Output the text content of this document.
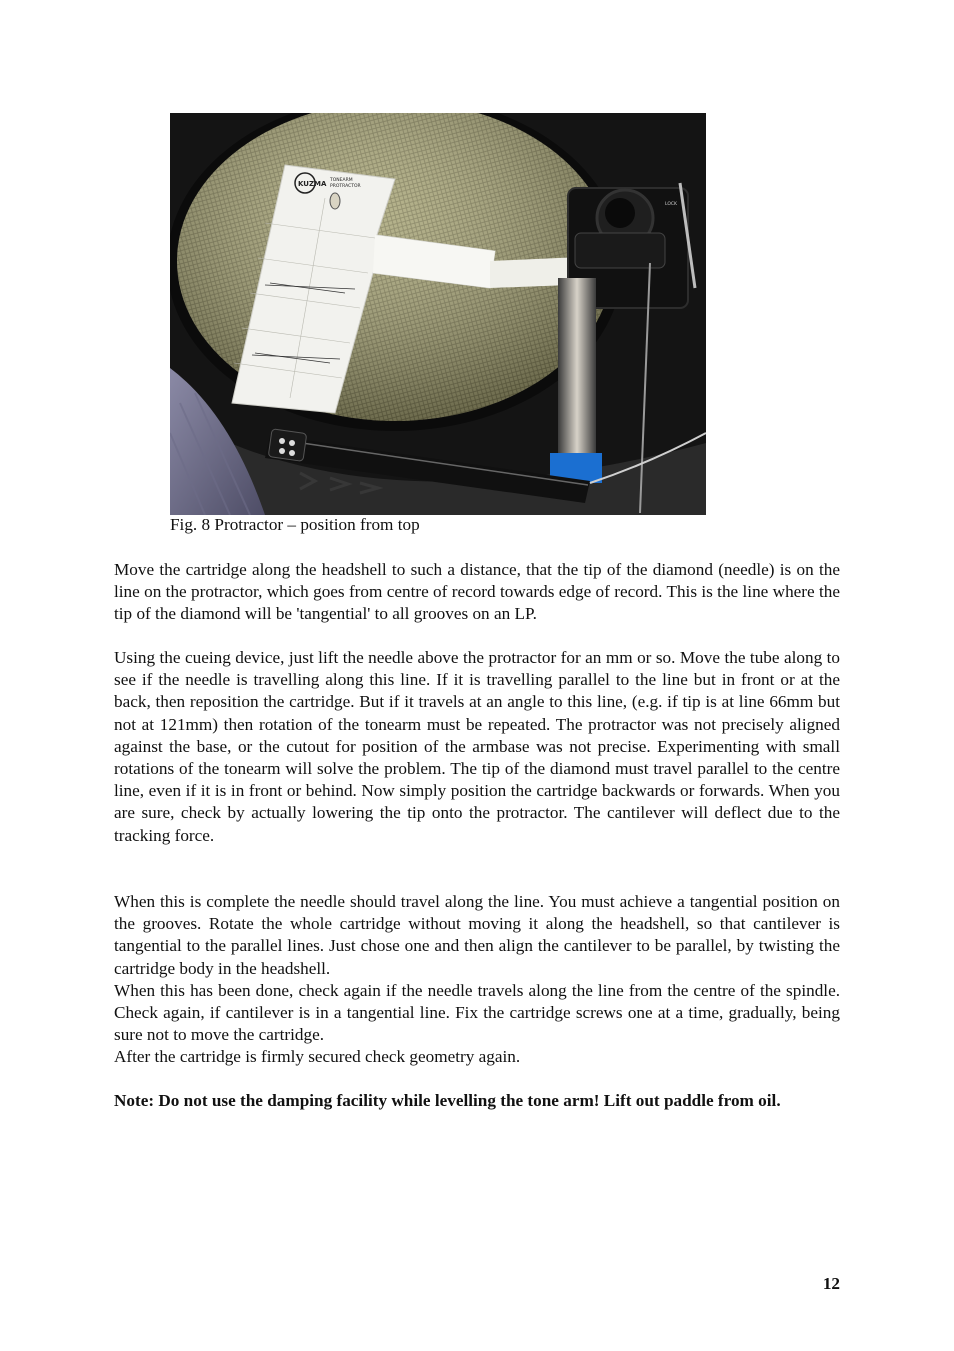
KUZMA TONEARM
PROTRACTOR
LOCK
Fig. 8 Protractor – position from top

Move the cartridge along the headshell to such a distance, that the tip of the diamond (needle) is on the line on the protractor, which goes from centre of record towards edge of record. This is the line where the tip of the diamond will be 'tangential' to all grooves on an LP.

Using the cueing device, just lift the needle above the protractor for an mm or so. Move the tube along to see if the needle is travelling along this line. If it is travelling parallel to the line but in front or at the back, then reposition the cartridge. But if it travels at an angle to this line, (e.g. if tip is at line 66mm but not at 121mm) then rotation of the tonearm must be repeated. The protractor was not precisely aligned against the base, or the cutout for position of the armbase was not precise. Experimenting with small rotations of the tonearm will solve the problem. The tip of the diamond must travel parallel to the centre line, even if it is in front or behind. Now simply position the cartridge backwards or forwards. When you are sure, check by actually lowering the tip onto the protractor. The cantilever will deflect due to the tracking force.

When this is complete the needle should travel along the line. You must achieve a tangential position on the grooves. Rotate the whole cartridge without moving it along the headshell, so that cantilever is tangential to the parallel lines. Just chose one and then align the cantilever to be parallel, by twisting the cartridge body in the headshell.
When this has been done, check again if the needle travels along the line from the centre of the spindle. Check again, if cantilever is in a tangential line. Fix the cartridge screws one at a time, gradually, being sure not to move the cartridge.
After the cartridge is firmly secured check geometry again.

Note: Do not use the damping facility while levelling the tone arm! Lift out paddle from oil.

12
